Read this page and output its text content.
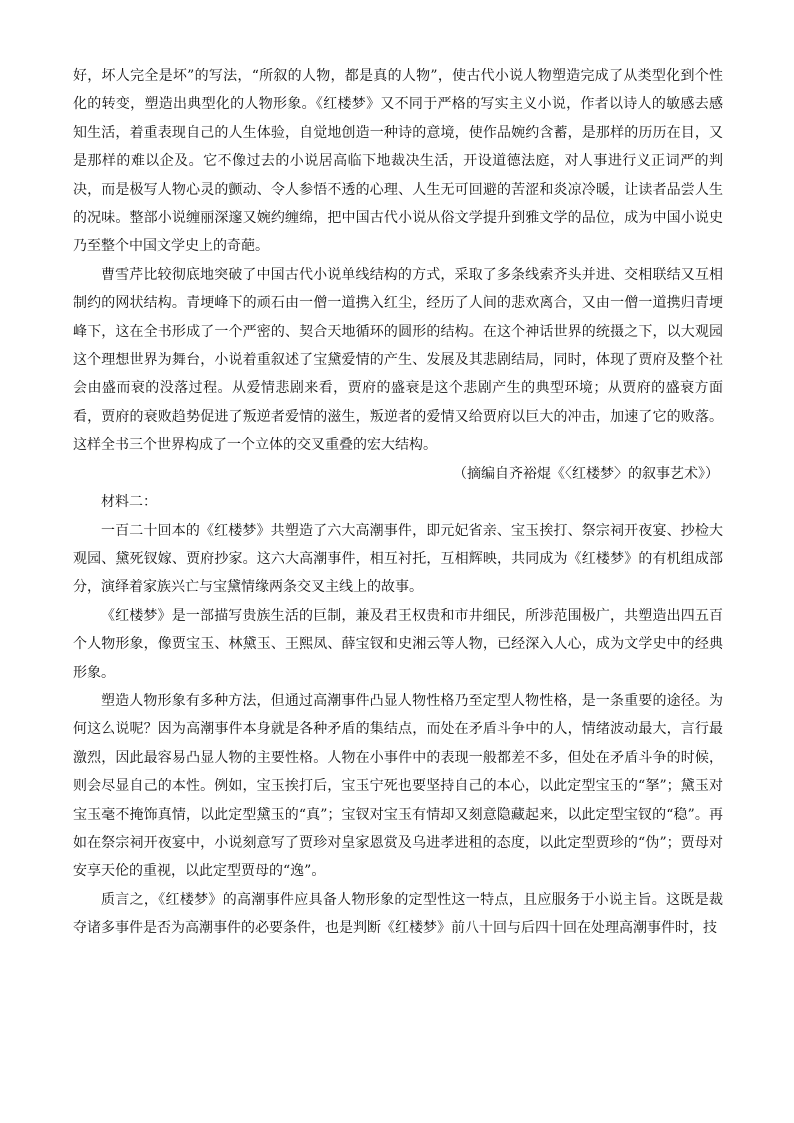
好，坏人完全是坏”的写法，“所叙的人物，都是真的人物”，使古代小说人物塑造完成了从类型化到个性化的转变，塑造出典型化的人物形象。《红楼梦》又不同于严格的写实主义小说，作者以诗人的敏感去感知生活，着重表现自己的人生体验，自觉地创造一种诗的意境，使作品婉约含蓄，是那样的历历在目，又是那样的难以企及。它不像过去的小说居高临下地裁决生活，开设道德法庭，对人事进行义正词严的判决，而是极写人物心灵的颤动、令人参悟不透的心理、人生无可回避的苦涩和炎凉冷暖，让读者品尝人生的况味。整部小说缠丽深邃又婉约缠绵，把中国古代小说从俗文学提升到雅文学的品位，成为中国小说史乃至整个中国文学史上的奇葩。

曹雪芹比较彻底地突破了中国古代小说单线结构的方式，采取了多条线索齐头并进、交相联结又互相制约的网状结构。青埂峰下的顽石由一僧一道携入红尘，经历了人间的悲欢离合，又由一僧一道携归青埂峰下，这在全书形成了一个严密的、契合天地循环的圆形的结构。在这个神话世界的统摄之下，以大观园这个理想世界为舞台，小说着重叙述了宝黛爱情的产生、发展及其悲剧结局，同时，体现了贾府及整个社会由盛而衰的没落过程。从爱情悲剧来看，贾府的盛衰是这个悲剧产生的典型环境；从贾府的盛衰方面看，贾府的衰败趋势促进了叛逆者爱情的滋生，叛逆者的爱情又给贾府以巨大的冲击，加速了它的败落。这样全书三个世界构成了一个立体的交叉重叠的宏大结构。

（摘编自齐裕焜《〈红楼梦〉的叙事艺术》）

材料二：

一百二十回本的《红楼梦》共塑造了六大高潮事件，即元妃省亲、宝玉挨打、祭宗祠开夜宴、抄检大观园、黛死钗嫁、贾府抄家。这六大高潮事件，相互衬托，互相辉映，共同成为《红楼梦》的有机组成部分，演绎着家族兴亡与宝黛情缘两条交叉主线上的故事。

《红楼梦》是一部描写贵族生活的巨制，兼及君王权贵和市井细民，所涉范围极广，共塑造出四五百个人物形象，像贾宝玉、林黛玉、王熙凤、薛宝钗和史湘云等人物，已经深入人心，成为文学史中的经典形象。

塑造人物形象有多种方法，但通过高潮事件凸显人物性格乃至定型人物性格，是一条重要的途径。为何这么说呢？因为高潮事件本身就是各种矛盾的集结点，而处在矛盾斗争中的人，情绪波动最大，言行最激烈，因此最容易凸显人物的主要性格。人物在小事件中的表现一般都差不多，但处在矛盾斗争的时候，则会尽显自己的本性。例如，宝玉挨打后，宝玉宁死也要坚持自己的本心，以此定型宝玉的“拏”；黛玉对宝玉毫不掩饰真情，以此定型黛玉的“真”；宝钗对宝玉有情却又刻意隐藏起来，以此定型宝钗的“稳”。再如在祭宗祠开夜宴中，小说刻意写了贾珍对皇家恩赏及乌进孝进租的态度，以此定型贾珍的“伪”；贾母对安享天伦的重视，以此定型贾母的“逸”。

质言之，《红楼梦》的高潮事件应具备人物形象的定型性这一特点，且应服务于小说主旨。这既是裁夺诸多事件是否为高潮事件的必要条件，也是判断《红楼梦》前八十回与后四十回在处理高潮事件时，技
